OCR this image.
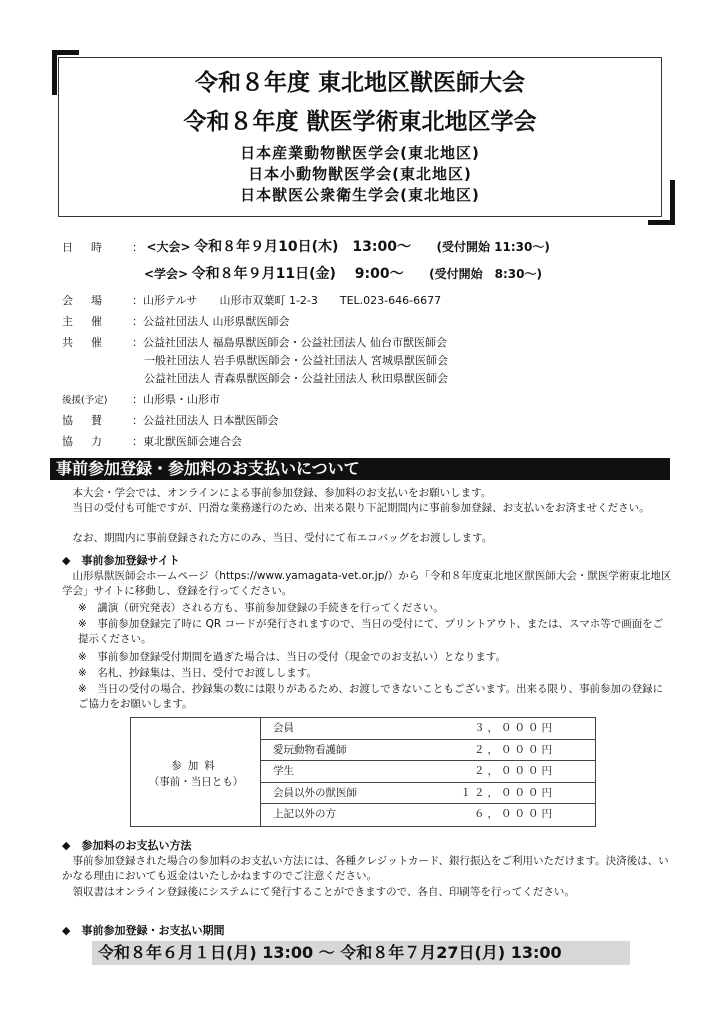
令和８年度 東北地区獣医師大会
令和８年度 獣医学術東北地区学会
日本産業動物獣医学会(東北地区)
日本小動物獣医学会(東北地区)
日本獣医公衆衛生学会(東北地区)
日時 ： <大会> 令和８年９月10日(木)　13:00〜 (受付開始 11:30〜)
<学会> 令和８年９月11日(金)　 9:00〜 (受付開始　8:30〜)
会場 ：山形テルサ　　山形市双葉町 1-2-3　　TEL.023-646-6677
主催 ：公益社団法人 山形県獣医師会
共催 ：公益社団法人 福島県獣医師会・公益社団法人 仙台市獣医師会
一般社団法人 岩手県獣医師会・公益社団法人 宮城県獣医師会
公益社団法人 青森県獣医師会・公益社団法人 秋田県獣医師会
後援(予定) ：山形県・山形市
協賛 ：公益社団法人 日本獣医師会
協力 ：東北獣医師会連合会
事前参加登録・参加料のお支払いについて
　本大会・学会では、オンラインによる事前参加登録、参加料のお支払いをお願いします。
　当日の受付も可能ですが、円滑な業務遂行のため、出来る限り下記期間内に事前参加登録、お支払いをお済ませください。
　なお、期間内に事前登録された方にのみ、当日、受付にて布エコバッグをお渡しします。
◆　事前参加登録サイト
　山形県獣医師会ホームページ（https://www.yamagata-vet.or.jp/）から「令和８年度東北地区獣医師大会・獣医学術東北地区学会」サイトに移動し、登録を行ってください。
※　講演（研究発表）される方も、事前参加登録の手続きを行ってください。
※　事前参加登録完了時に QR コードが発行されますので、当日の受付にて、プリントアウト、または、スマホ等で画面をご提示ください。
※　事前参加登録受付期間を過ぎた場合は、当日の受付（現金でのお支払い）となります。
※　名札、抄録集は、当日、受付でお渡しします。
※　当日の受付の場合、抄録集の数には限りがあるため、お渡しできないこともございます。出来る限り、事前参加の登録にご協力をお願いします。
参加料
（事前・当日とも）
会員	３，０００円
愛玩動物看護師	２，０００円
学生	２，０００円
会員以外の獣医師	１２，０００円
上記以外の方	６，０００円
◆　参加料のお支払い方法
　事前参加登録された場合の参加料のお支払い方法には、各種クレジットカード、銀行振込をご利用いただけます。決済後は、いかなる理由においても返金はいたしかねますのでご注意ください。
　領収書はオンライン登録後にシステムにて発行することができますので、各自、印刷等を行ってください。
◆　事前参加登録・お支払い期間
令和８年６月１日(月) 13:00 〜 令和８年７月27日(月) 13:00
